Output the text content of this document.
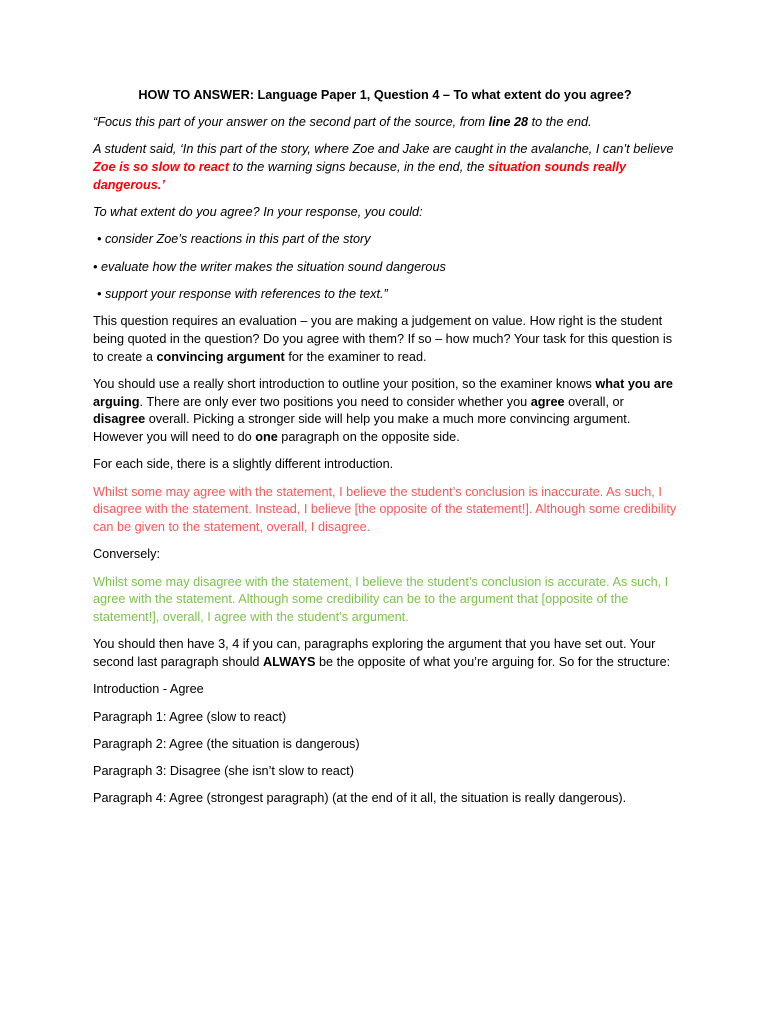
HOW TO ANSWER: Language Paper 1, Question 4 – To what extent do you agree?

“Focus this part of your answer on the second part of the source, from line 28 to the end.

A student said, ‘In this part of the story, where Zoe and Jake are caught in the avalanche, I can’t believe Zoe is so slow to react to the warning signs because, in the end, the situation sounds really dangerous.’

To what extent do you agree? In your response, you could:

• consider Zoe’s reactions in this part of the story

• evaluate how the writer makes the situation sound dangerous

• support your response with references to the text.”

This question requires an evaluation – you are making a judgement on value. How right is the student being quoted in the question? Do you agree with them? If so – how much? Your task for this question is to create a convincing argument for the examiner to read.

You should use a really short introduction to outline your position, so the examiner knows what you are arguing. There are only ever two positions you need to consider whether you agree overall, or disagree overall. Picking a stronger side will help you make a much more convincing argument. However you will need to do one paragraph on the opposite side.

For each side, there is a slightly different introduction.

Whilst some may agree with the statement, I believe the student’s conclusion is inaccurate. As such, I disagree with the statement. Instead, I believe [the opposite of the statement!]. Although some credibility can be given to the statement, overall, I disagree.

Conversely:

Whilst some may disagree with the statement, I believe the student’s conclusion is accurate. As such, I agree with the statement. Although some credibility can be to the argument that [opposite of the statement!], overall, I agree with the student’s argument.

You should then have 3, 4 if you can, paragraphs exploring the argument that you have set out. Your second last paragraph should ALWAYS be the opposite of what you’re arguing for. So for the structure:

Introduction - Agree

Paragraph 1: Agree (slow to react)

Paragraph 2: Agree (the situation is dangerous)

Paragraph 3: Disagree (she isn’t slow to react)

Paragraph 4: Agree (strongest paragraph) (at the end of it all, the situation is really dangerous).
